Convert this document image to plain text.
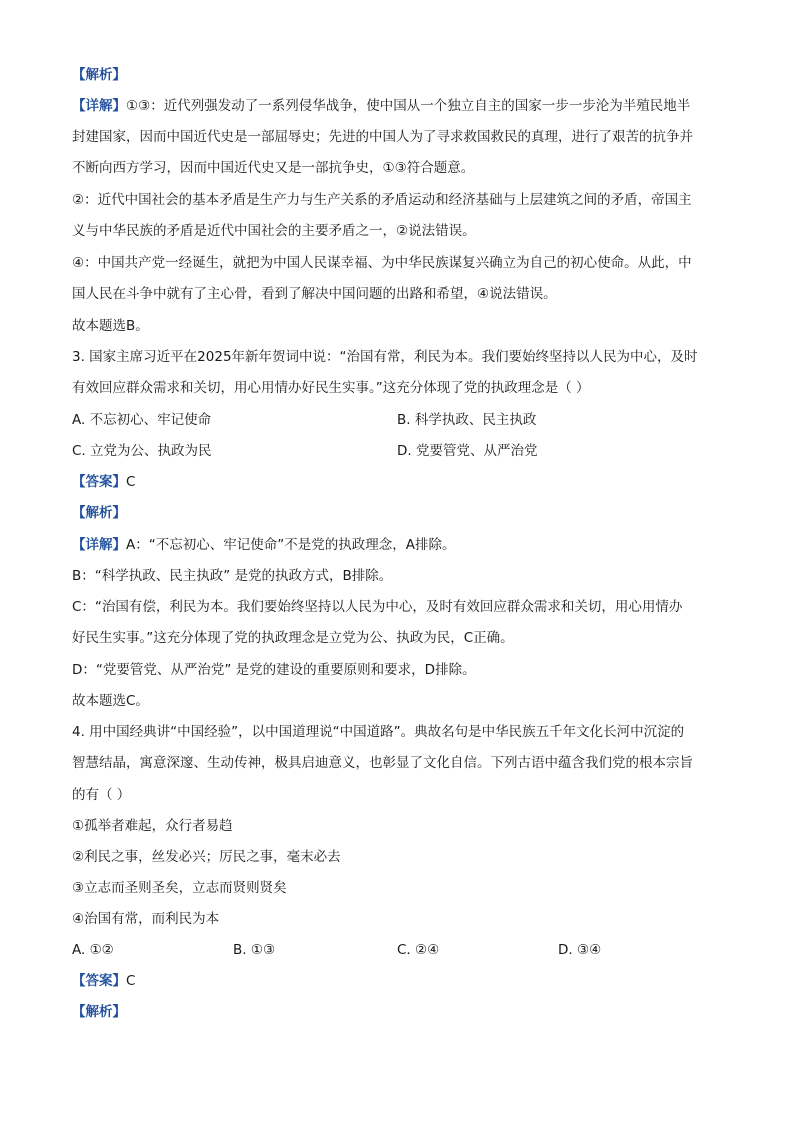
【解析】
【详解】①③：近代列强发动了一系列侵华战争，使中国从一个独立自主的国家一步一步沦为半殖民地半
封建国家，因而中国近代史是一部屈辱史；先进的中国人为了寻求救国救民的真理，进行了艰苦的抗争并
不断向西方学习，因而中国近代史又是一部抗争史，①③符合题意。
②：近代中国社会的基本矛盾是生产力与生产关系的矛盾运动和经济基础与上层建筑之间的矛盾，帝国主
义与中华民族的矛盾是近代中国社会的主要矛盾之一，②说法错误。
④：中国共产党一经诞生，就把为中国人民谋幸福、为中华民族谋复兴确立为自己的初心使命。从此，中
国人民在斗争中就有了主心骨，看到了解决中国问题的出路和希望，④说法错误。
故本题选B。
3. 国家主席习近平在2025年新年贺词中说：“治国有常，利民为本。我们要始终坚持以人民为中心，及时
有效回应群众需求和关切，用心用情办好民生实事。”这充分体现了党的执政理念是（ ）
A. 不忘初心、牢记使命	B. 科学执政、民主执政
C. 立党为公、执政为民	D. 党要管党、从严治党
【答案】C
【解析】
【详解】A：“不忘初心、牢记使命”不是党的执政理念，A排除。
B：“科学执政、民主执政” 是党的执政方式，B排除。
C：“治国有偿，利民为本。我们要始终坚持以人民为中心，及时有效回应群众需求和关切，用心用情办
好民生实事。”这充分体现了党的执政理念是立党为公、执政为民，C正确。
D：“党要管党、从严治党” 是党的建设的重要原则和要求，D排除。
故本题选C。
4. 用中国经典讲“中国经验”，以中国道理说“中国道路”。典故名句是中华民族五千年文化长河中沉淀的
智慧结晶，寓意深邃、生动传神，极具启迪意义，也彰显了文化自信。下列古语中蕴含我们党的根本宗旨
的有（ ）
①孤举者难起，众行者易趋
②利民之事，丝发必兴；厉民之事，毫末必去
③立志而圣则圣矣，立志而贤则贤矣
④治国有常，而利民为本
A. ①②	B. ①③	C. ②④	D. ③④
【答案】C
【解析】
